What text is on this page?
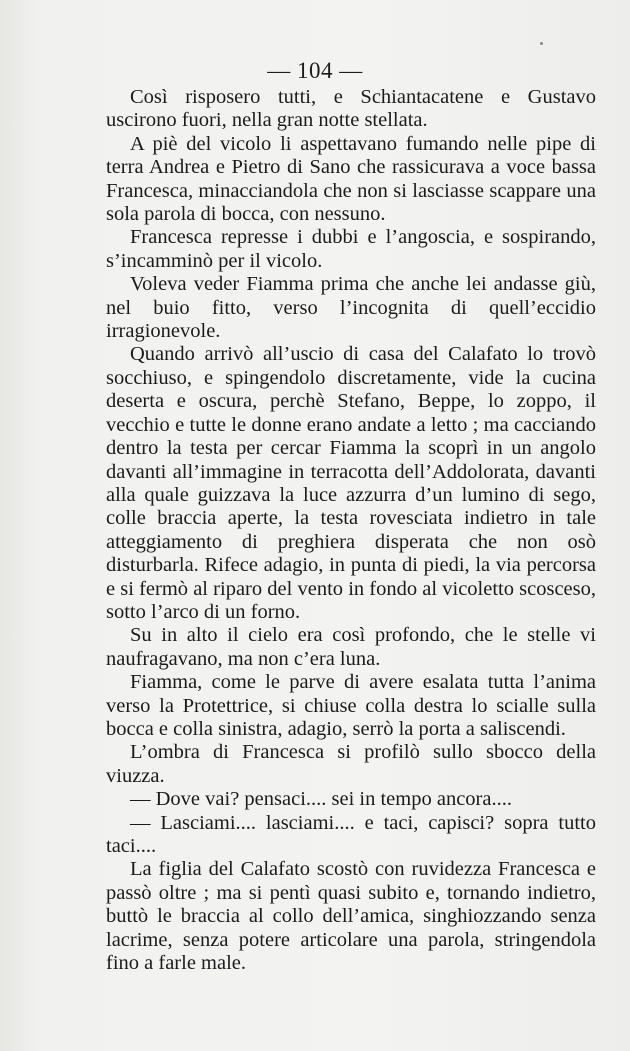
— 104 —

Così risposero tutti, e Schiantacatene e Gustavo uscirono fuori, nella gran notte stellata.

A piè del vicolo li aspettavano fumando nelle pipe di terra Andrea e Pietro di Sano che rassicurava a voce bassa Francesca, minacciandola che non si lasciasse scappare una sola parola di bocca, con nessuno.

Francesca represse i dubbi e l’angoscia, e sospirando, s’incamminò per il vicolo.

Voleva veder Fiamma prima che anche lei andasse giù, nel buio fitto, verso l’incognita di quell’eccidio irragionevole.

Quando arrivò all’uscio di casa del Calafato lo trovò socchiuso, e spingendolo discretamente, vide la cucina deserta e oscura, perchè Stefano, Beppe, lo zoppo, il vecchio e tutte le donne erano andate a letto ; ma cacciando dentro la testa per cercar Fiamma la scoprì in un angolo davanti all’immagine in terracotta dell’Addolorata, davanti alla quale guizzava la luce azzurra d’un lumino di sego, colle braccia aperte, la testa rovesciata indietro in tale atteggiamento di preghiera disperata che non osò disturbarla. Rifece adagio, in punta di piedi, la via percorsa e si fermò al riparo del vento in fondo al vicoletto scosceso, sotto l’arco di un forno.

Su in alto il cielo era così profondo, che le stelle vi naufragavano, ma non c’era luna.

Fiamma, come le parve di avere esalata tutta l’anima verso la Protettrice, si chiuse colla destra lo scialle sulla bocca e colla sinistra, adagio, serrò la porta a saliscendi.

L’ombra di Francesca si profilò sullo sbocco della viuzza.

— Dove vai? pensaci.... sei in tempo ancora....

— Lasciami.... lasciami.... e taci, capisci? sopra tutto taci....

La figlia del Calafato scostò con ruvidezza Francesca e passò oltre ; ma si pentì quasi subito e, tornando indietro, buttò le braccia al collo dell’amica, singhiozzando senza lacrime, senza potere articolare una parola, stringendola fino a farle male.
